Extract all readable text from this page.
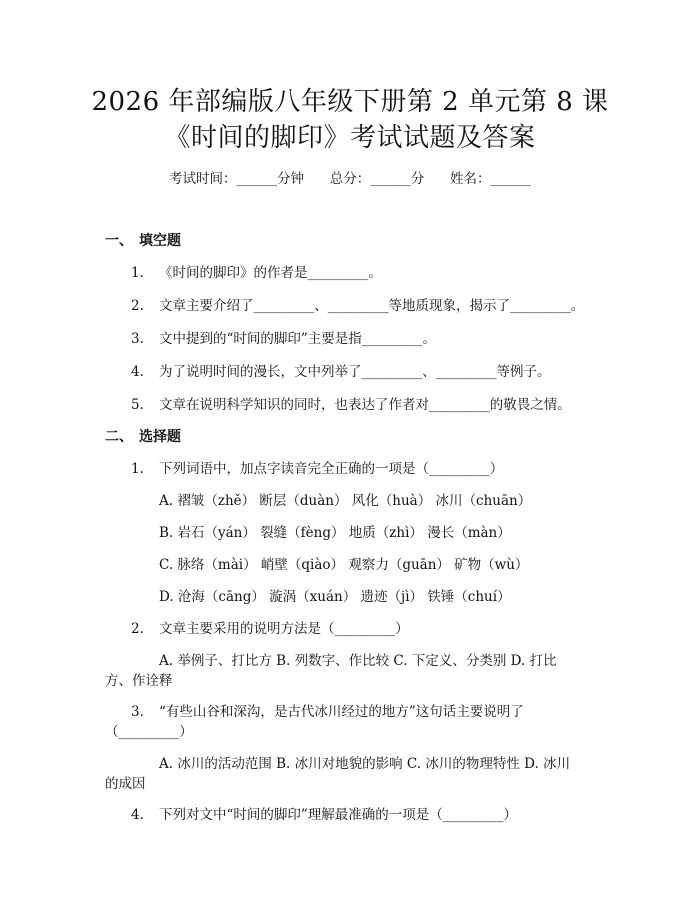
2026 年部编版八年级下册第 2 单元第 8 课
《时间的脚印》考试试题及答案
考试时间：______分钟 总分：______分 姓名：______
一、 填空题
1.	《时间的脚印》的作者是_________。
2.	文章主要介绍了_________、_________等地质现象，揭示了_________。
3.	文中提到的“时间的脚印”主要是指_________。
4.	为了说明时间的漫长，文中列举了_________、_________等例子。
5.	文章在说明科学知识的同时，也表达了作者对_________的敬畏之情。
二、 选择题
1.	下列词语中，加点字读音完全正确的一项是（_________）
A. 褶皱（zhě） 断层（duàn） 风化（huà） 冰川（chuān）
B. 岩石（yán） 裂缝（fèng） 地质（zhì） 漫长（màn）
C. 脉络（mài） 峭壁（qiào） 观察力（guān） 矿物（wù）
D. 沧海（cāng） 漩涡（xuán） 遗迹（jì） 铁锤（chuí）
2.	文章主要采用的说明方法是（_________）
A. 举例子、打比方 B. 列数字、作比较 C. 下定义、分类别 D. 打比
方、作诠释
3.	“有些山谷和深沟，是古代冰川经过的地方”这句话主要说明了
（_________）
A. 冰川的活动范围 B. 冰川对地貌的影响 C. 冰川的物理特性 D. 冰川
的成因
4.	下列对文中“时间的脚印”理解最准确的一项是（_________）
